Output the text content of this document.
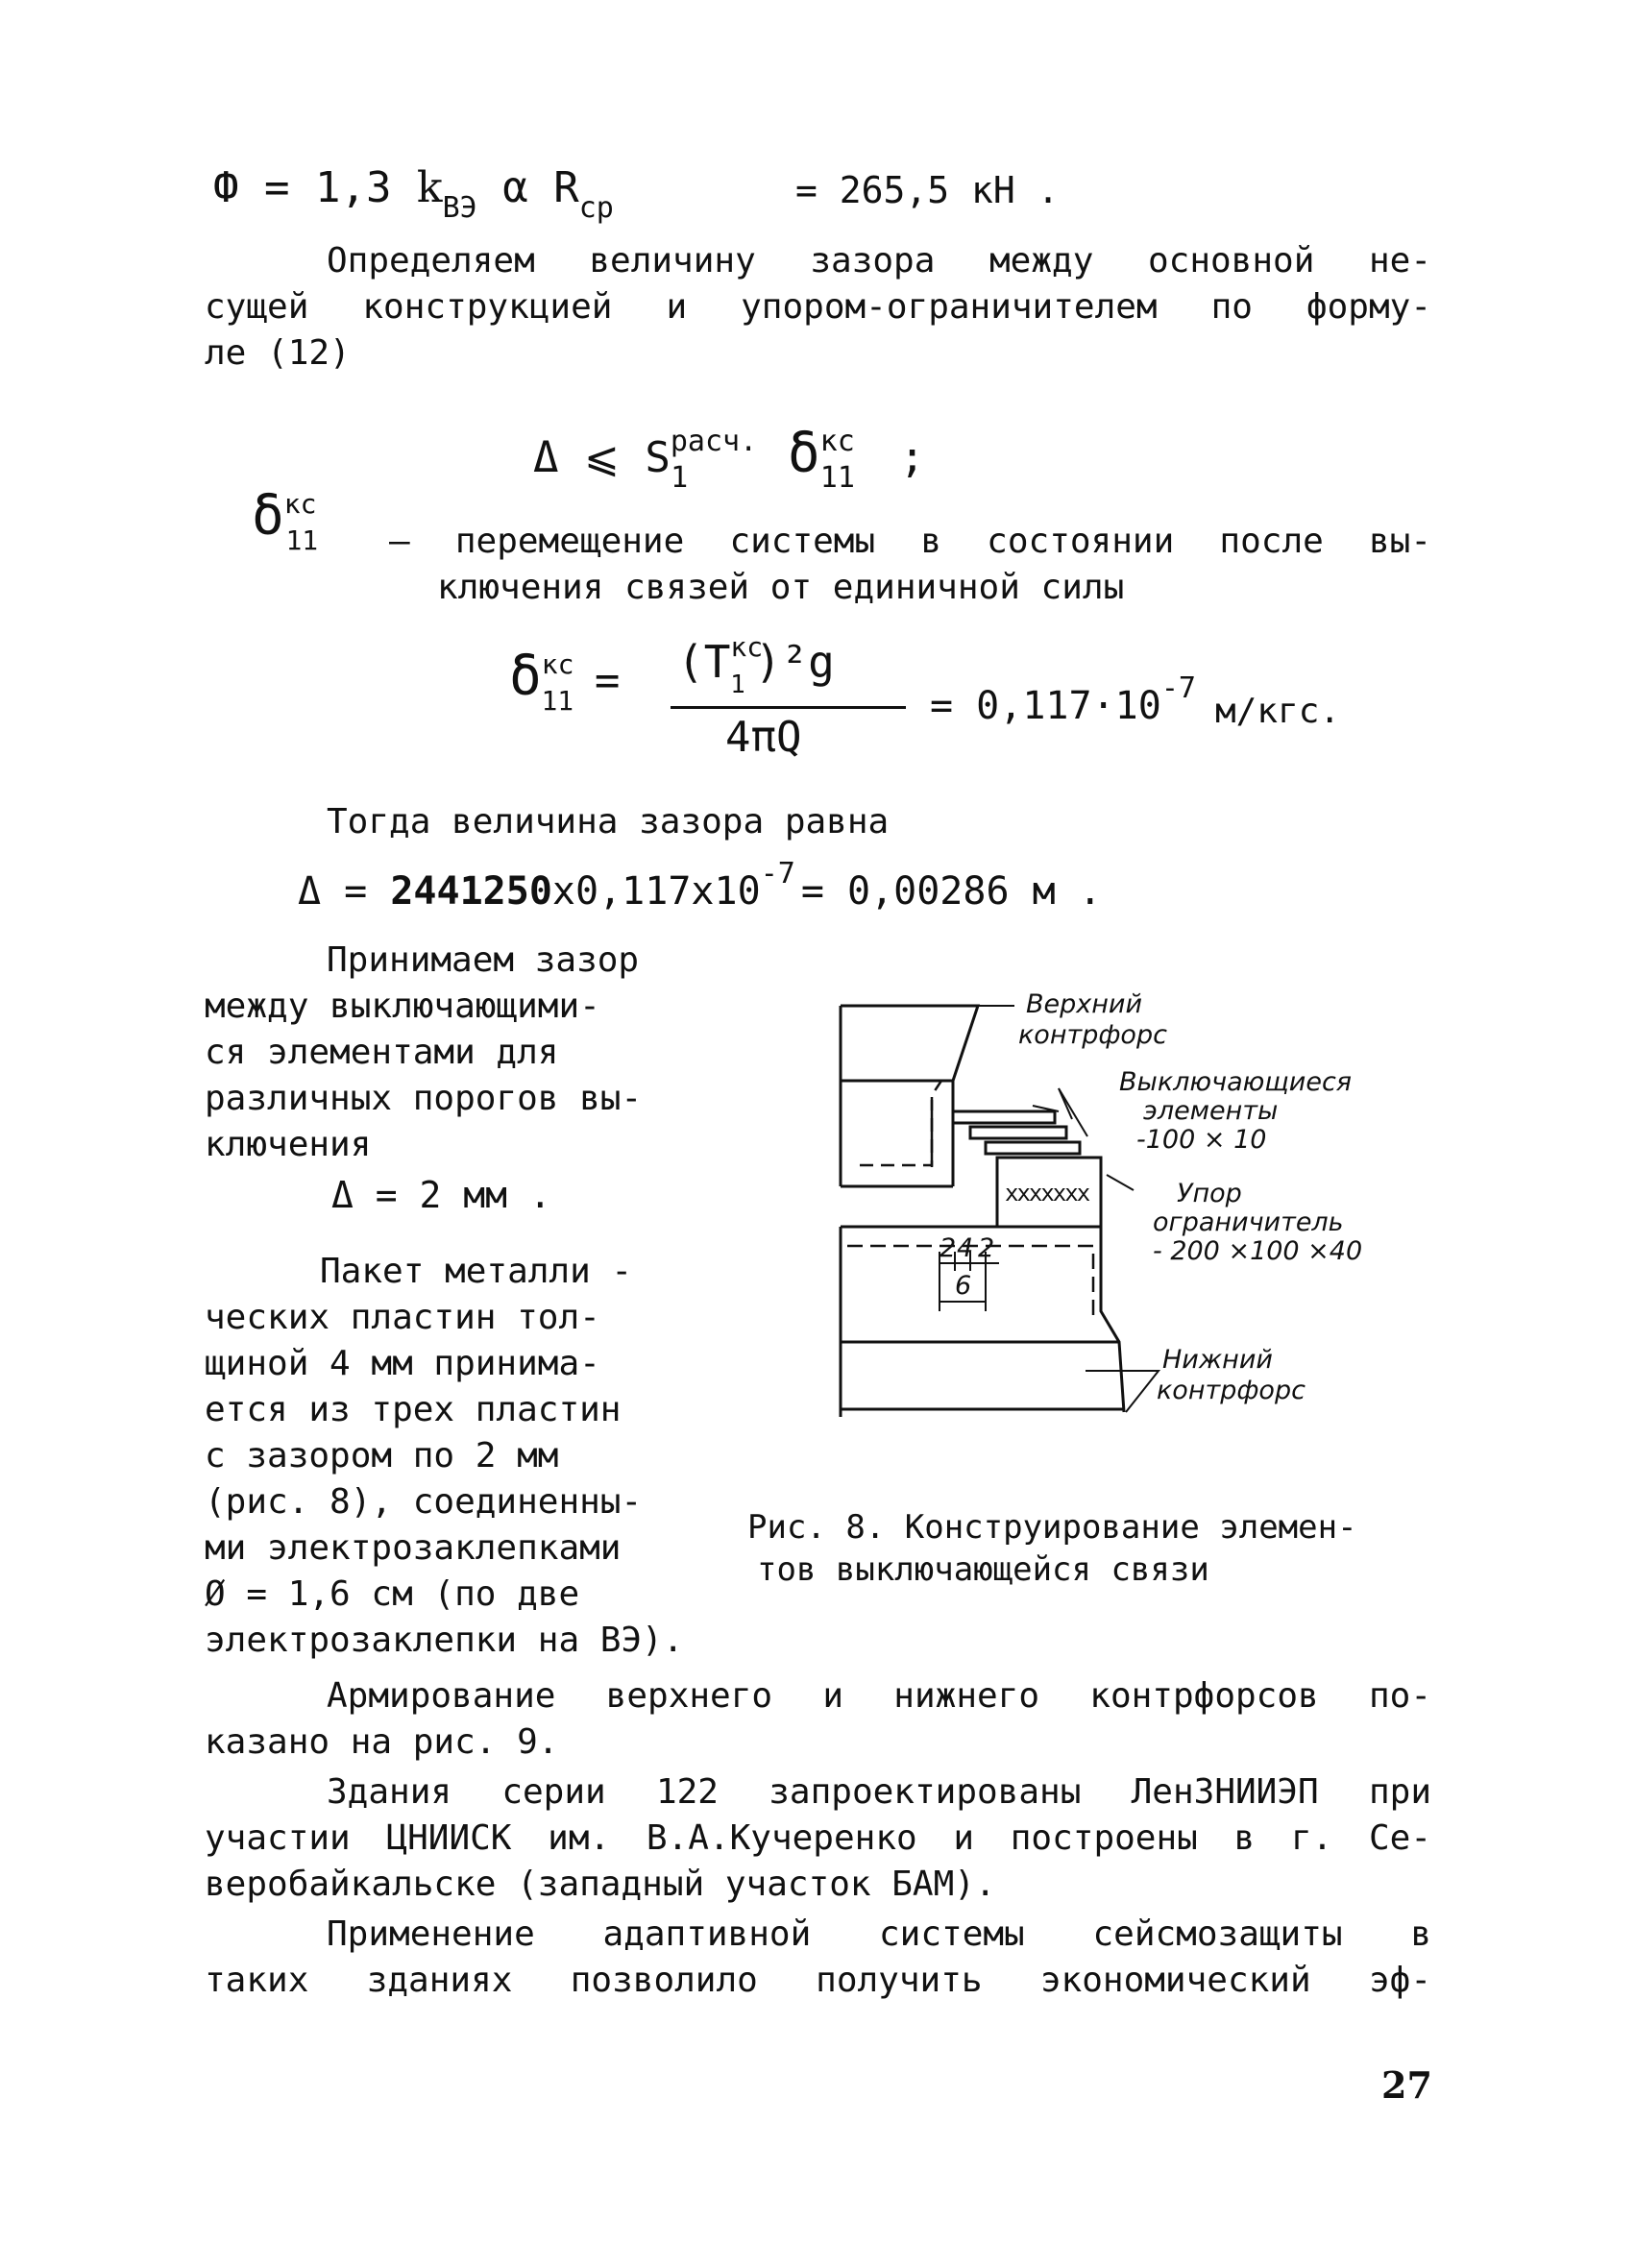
Ф = 1,3 $k_{ВЭ}$ α $R_{ср}$	= 265,5 кН .
Определяем величину зазора между основной не-
сущей конструкцией и упором-ограничителем по форму-
ле (12)
Δ ⩽ $S^{расч.}_1$ $\delta^{кс}_{11}$ ;
$\delta^{кс}_{11}$ – перемещение системы в состоянии после вы-
ключения связей от единичной силы
$\delta^{кс}_{11} = (T^{кс}_1$ )²g
4πQ
= $0,117\cdot 10^{-7}$
м/кгс.
Тогда величина зазора равна
$\Delta = 2441250x0,117x10^{-7} = 0,00286$ м .
Принимаем зазор
между выключающими-
ся элементами для
различных порогов вы-
ключения
Δ = 2 мм .
Пакет металли -
ческих пластин тол-
щиной 4 мм принима-
ется из трех пластин
с зазором по 2 мм
(рис. 8), соединенны-
ми электрозаклепками
Ø = 1,6 см (по две
электрозаклепки на ВЭ).
xxxxxxx
2 4 2
6
Верхний
контрфорс
Выключающиеся
элементы
-100 × 10
Упор
ограничитель
- 200 ×100 ×40
Нижний
контрфорс
Рис. 8. Конструирование элемен-
тов выключающейся связи
Армирование верхнего и нижнего контрфорсов по-
казано на рис. 9.
Здания серии 122 запроектированы ЛенЗНИИЭП при
участии ЦНИИСК им. В.А.Кучеренко и построены в г. Се-
веробайкальске (западный участок БАМ).
Применение адаптивной системы сейсмозащиты в
таких зданиях позволило получить экономический эф-
27
